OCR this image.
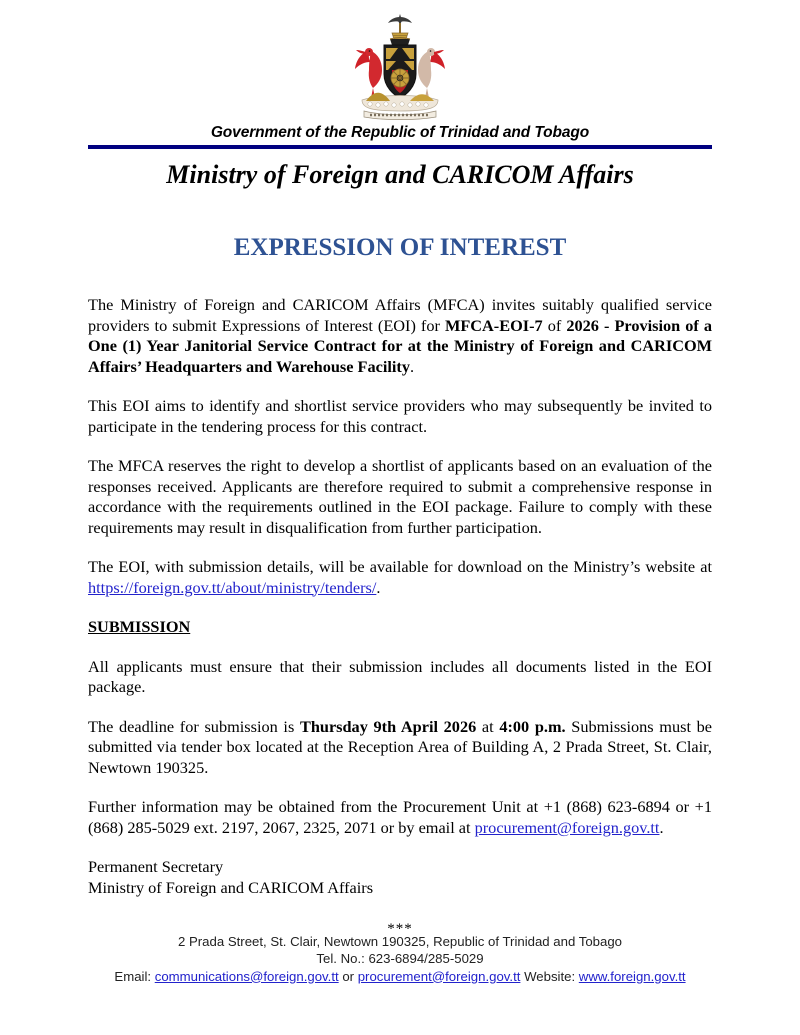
Government of the Republic of Trinidad and Tobago
Ministry of Foreign and CARICOM Affairs
EXPRESSION OF INTEREST

The Ministry of Foreign and CARICOM Affairs (MFCA) invites suitably qualified service providers to submit Expressions of Interest (EOI) for MFCA-EOI-7 of 2026 - Provision of a One (1) Year Janitorial Service Contract for at the Ministry of Foreign and CARICOM Affairs’ Headquarters and Warehouse Facility.

This EOI aims to identify and shortlist service providers who may subsequently be invited to participate in the tendering process for this contract.

The MFCA reserves the right to develop a shortlist of applicants based on an evaluation of the responses received. Applicants are therefore required to submit a comprehensive response in accordance with the requirements outlined in the EOI package. Failure to comply with these requirements may result in disqualification from further participation.

The EOI, with submission details, will be available for download on the Ministry’s website at https://foreign.gov.tt/about/ministry/tenders/.

SUBMISSION

All applicants must ensure that their submission includes all documents listed in the EOI package.

The deadline for submission is Thursday 9th April 2026 at 4:00 p.m. Submissions must be submitted via tender box located at the Reception Area of Building A, 2 Prada Street, St. Clair, Newtown 190325.

Further information may be obtained from the Procurement Unit at +1 (868) 623-6894 or +1 (868) 285-5029 ext. 2197, 2067, 2325, 2071 or by email at procurement@foreign.gov.tt.

Permanent Secretary
Ministry of Foreign and CARICOM Affairs

***

2 Prada Street, St. Clair, Newtown 190325, Republic of Trinidad and Tobago
Tel. No.: 623-6894/285-5029
Email: communications@foreign.gov.tt or procurement@foreign.gov.tt Website: www.foreign.gov.tt
